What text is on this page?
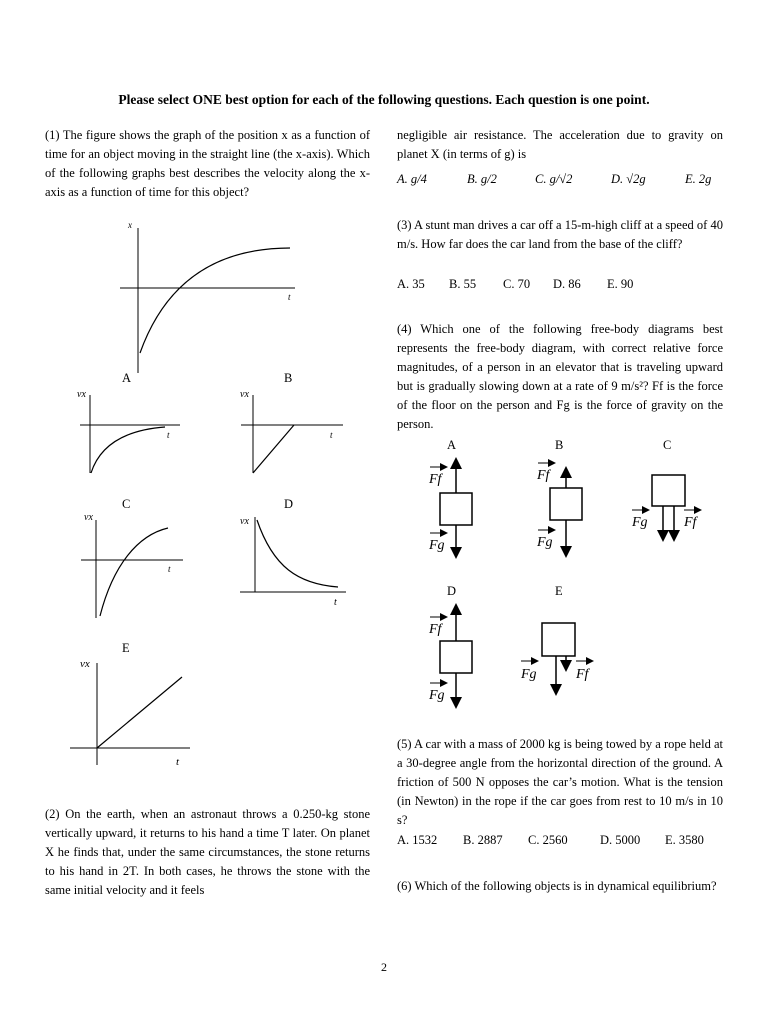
Please select ONE best option for each of the following questions. Each question is one point.
(1) The figure shows the graph of the position x as a function of time for an object moving in the straight line (the x-axis). Which of the following graphs best describes the velocity along the x-axis as a function of time for this object?
x
t
A	B
C	D
E
vx
t
vx
t
vx
t
vx
t
vx
t
(2) On the earth, when an astronaut throws a 0.250-kg stone vertically upward, it returns to his hand a time T later. On planet X he finds that, under the same circumstances, the stone returns to his hand in 2T. In both cases, he throws the stone with the same initial velocity and it feels
negligible air resistance. The acceleration due to gravity on planet X (in terms of g) is
A. g/4	B. g/2	C. g/√2	D. √2g	E. 2g
(3) A stunt man drives a car off a 15-m-high cliff at a speed of 40 m/s. How far does the car land from the base of the cliff?
A. 35	B. 55	C. 70	D. 86	E. 90
(4) Which one of the following free-body diagrams best represents the free-body diagram, with correct relative force magnitudes, of a person in an elevator that is traveling upward but is gradually slowing down at a rate of 9 m/s²? Ff is the force of the floor on the person and Fg is the force of gravity on the person.
A	B	C
D	E
Ff
Fg
Ff
Fg
Fg	Ff
Ff
Fg
Fg	Ff
(5) A car with a mass of 2000 kg is being towed by a rope held at a 30-degree angle from the horizontal direction of the ground. A friction of 500 N opposes the car’s motion. What is the tension (in Newton) in the rope if the car goes from rest to 10 m/s in 10 s?
A. 1532	B. 2887	C. 2560	D. 5000	E. 3580
(6) Which of the following objects is in dynamical equilibrium?
2
